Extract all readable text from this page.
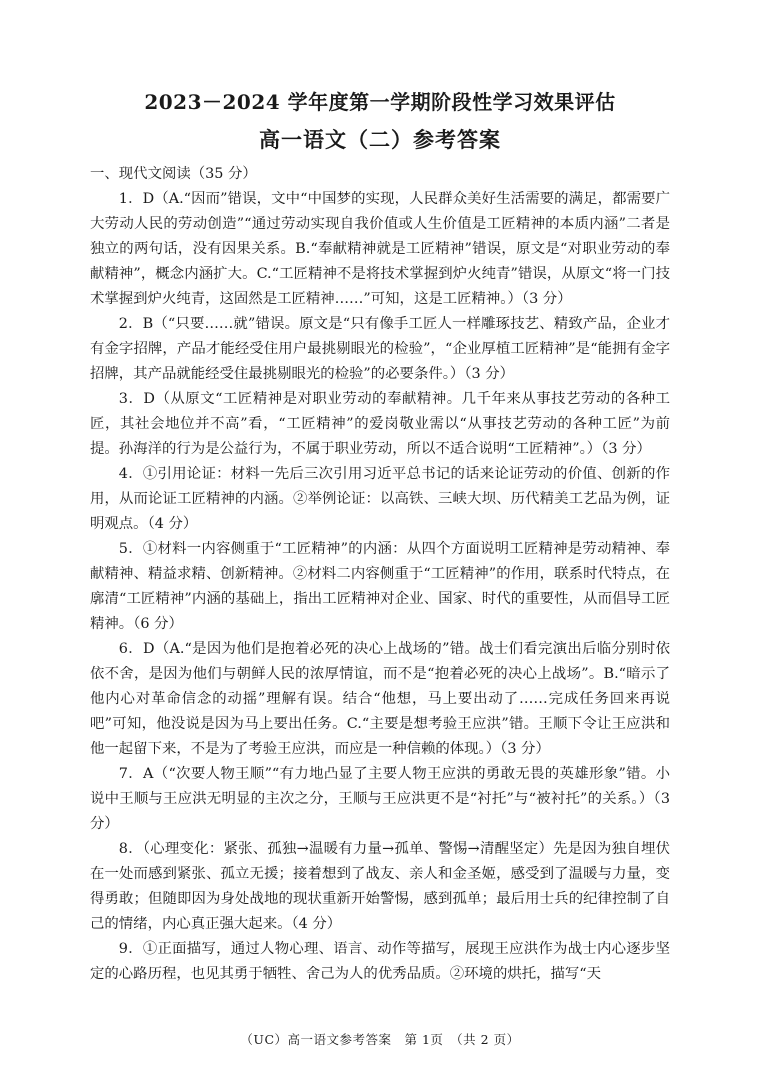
2023－2024 学年度第一学期阶段性学习效果评估
高一语文（二）参考答案

一、现代文阅读（35 分）

1．D（A.“因而”错误，文中“中国梦的实现，人民群众美好生活需要的满足，都需要广大劳动人民的劳动创造”“通过劳动实现自我价值或人生价值是工匠精神的本质内涵”二者是独立的两句话，没有因果关系。B.“奉献精神就是工匠精神”错误，原文是“对职业劳动的奉献精神”，概念内涵扩大。C.“工匠精神不是将技术掌握到炉火纯青”错误，从原文“将一门技术掌握到炉火纯青，这固然是工匠精神……”可知，这是工匠精神。）（3 分）

2．B（“只要……就”错误。原文是“只有像手工匠人一样雕琢技艺、精致产品，企业才有金字招牌，产品才能经受住用户最挑剔眼光的检验”，“企业厚植工匠精神”是“能拥有金字招牌，其产品就能经受住最挑剔眼光的检验”的必要条件。）（3 分）

3．D（从原文“工匠精神是对职业劳动的奉献精神。几千年来从事技艺劳动的各种工匠，其社会地位并不高”看，“工匠精神”的爱岗敬业需以“从事技艺劳动的各种工匠”为前提。孙海洋的行为是公益行为，不属于职业劳动，所以不适合说明“工匠精神”。）（3 分）

4．①引用论证：材料一先后三次引用习近平总书记的话来论证劳动的价值、创新的作用，从而论证工匠精神的内涵。②举例论证：以高铁、三峡大坝、历代精美工艺品为例，证明观点。（4 分）

5．①材料一内容侧重于“工匠精神”的内涵：从四个方面说明工匠精神是劳动精神、奉献精神、精益求精、创新精神。②材料二内容侧重于“工匠精神”的作用，联系时代特点，在廓清“工匠精神”内涵的基础上，指出工匠精神对企业、国家、时代的重要性，从而倡导工匠精神。（6 分）

6．D（A.“是因为他们是抱着必死的决心上战场的”错。战士们看完演出后临分别时依依不舍，是因为他们与朝鲜人民的浓厚情谊，而不是“抱着必死的决心上战场”。B.“暗示了他内心对革命信念的动摇”理解有误。结合“他想，马上要出动了……完成任务回来再说吧”可知，他没说是因为马上要出任务。C.“主要是想考验王应洪”错。王顺下令让王应洪和他一起留下来，不是为了考验王应洪，而应是一种信赖的体现。）（3 分）

7．A（“次要人物王顺”“有力地凸显了主要人物王应洪的勇敢无畏的英雄形象”错。小说中王顺与王应洪无明显的主次之分，王顺与王应洪更不是“衬托”与“被衬托”的关系。）（3 分）

8．（心理变化：紧张、孤独→温暖有力量→孤单、警惕→清醒坚定）先是因为独自埋伏在一处而感到紧张、孤立无援；接着想到了战友、亲人和金圣姬，感受到了温暖与力量，变得勇敢；但随即因为身处战地的现状重新开始警惕，感到孤单；最后用士兵的纪律控制了自己的情绪，内心真正强大起来。（4 分）

9．①正面描写，通过人物心理、语言、动作等描写，展现王应洪作为战士内心逐步坚定的心路历程，也见其勇于牺牲、舍己为人的优秀品质。②环境的烘托，描写“天

（UC）高一语文参考答案　第 1页　（共 2 页）
